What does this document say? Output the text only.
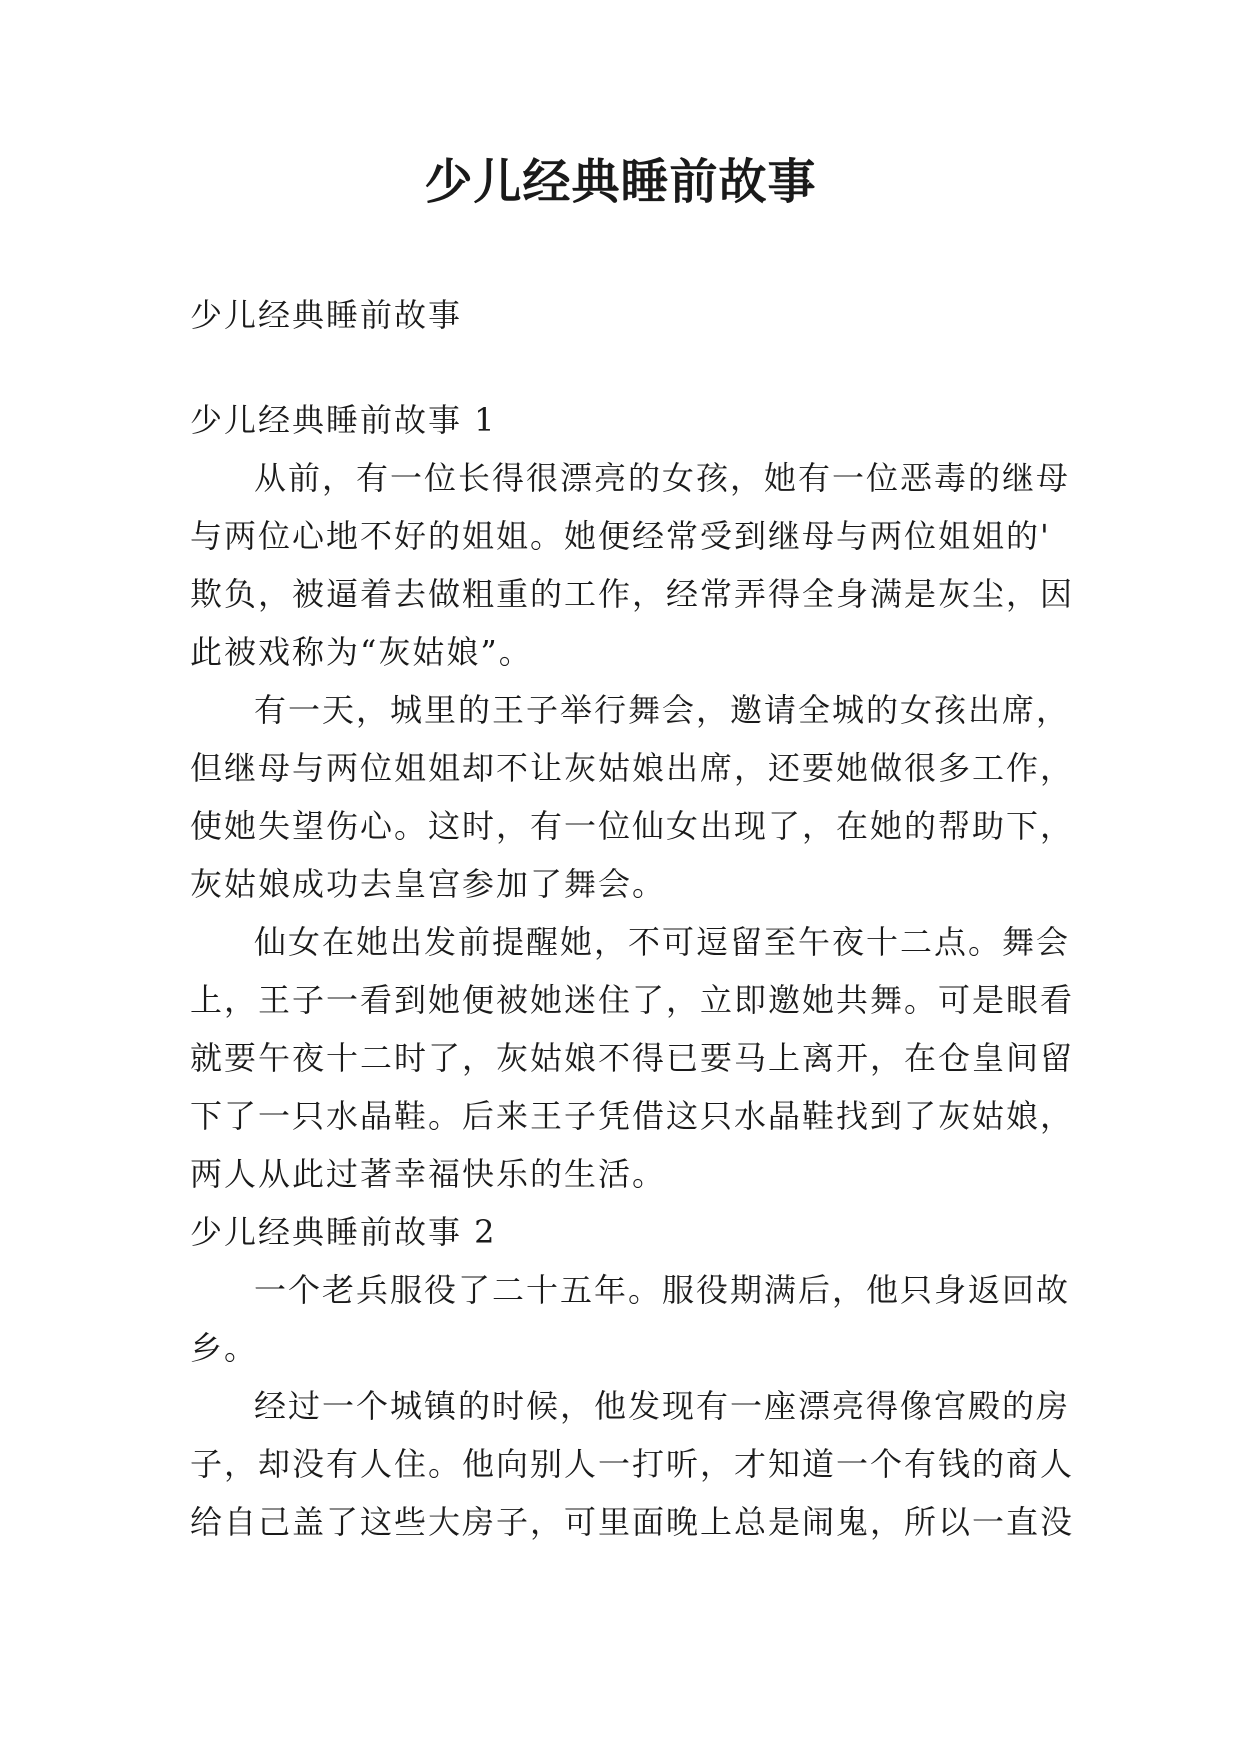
少儿经典睡前故事

少儿经典睡前故事

少儿经典睡前故事 1

从前，有一位长得很漂亮的女孩，她有一位恶毒的继母

与两位心地不好的姐姐。她便经常受到继母与两位姐姐的'

欺负，被逼着去做粗重的工作，经常弄得全身满是灰尘，因

此被戏称为“灰姑娘”。

有一天，城里的王子举行舞会，邀请全城的女孩出席，

但继母与两位姐姐却不让灰姑娘出席，还要她做很多工作，

使她失望伤心。这时，有一位仙女出现了，在她的帮助下，

灰姑娘成功去皇宫参加了舞会。

仙女在她出发前提醒她，不可逗留至午夜十二点。舞会

上，王子一看到她便被她迷住了，立即邀她共舞。可是眼看

就要午夜十二时了，灰姑娘不得已要马上离开，在仓皇间留

下了一只水晶鞋。后来王子凭借这只水晶鞋找到了灰姑娘，

两人从此过著幸福快乐的生活。

少儿经典睡前故事 2

一个老兵服役了二十五年。服役期满后，他只身返回故

乡。

经过一个城镇的时候，他发现有一座漂亮得像宫殿的房

子，却没有人住。他向别人一打听，才知道一个有钱的商人

给自己盖了这些大房子，可里面晚上总是闹鬼，所以一直没
